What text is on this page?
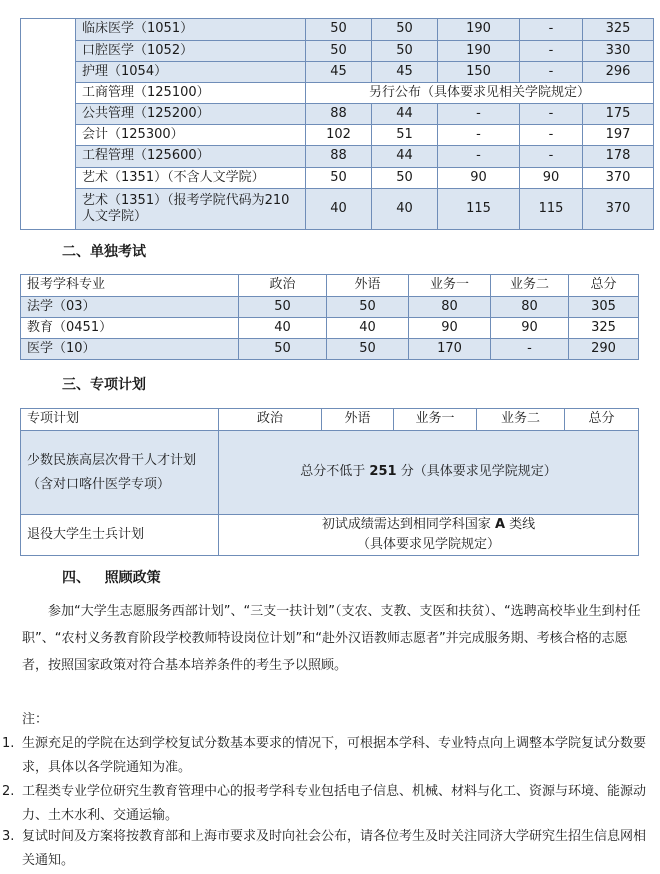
	临床医学（1051）	50	50	190	-	325
	口腔医学（1052）	50	50	190	-	330
	护理（1054）	45	45	150	-	296
	工商管理（125100）	另行公布（具体要求见相关学院规定）				
	公共管理（125200）	88	44	-	-	175
	会计（125300）	102	51	-	-	197
	工程管理（125600）	88	44	-	-	178
	艺术（1351）（不含人文学院）	50	50	90	90	370
	艺术（1351）（报考学院代码为210人文学院）	40	40	115	115	370
二、单独考试
报考学科专业	政治	外语	业务一	业务二	总分
法学（03）	50	50	80	80	305
教育（0451）	40	40	90	90	325
医学（10）	50	50	170	-	290
三、专项计划
专项计划	政治	外语	业务一	业务二	总分
少数民族高层次骨干人才计划（含对口喀什医学专项）	总分不低于 251 分（具体要求见学院规定）				
退役大学生士兵计划	初试成绩需达到相同学科国家 A 类线
（具体要求见学院规定）				
四、   照顾政策
参加“大学生志愿服务西部计划”、“三支一扶计划”（支农、支教、支医和扶贫）、“选聘高校毕业生到村任职”、“农村义务教育阶段学校教师特设岗位计划”和“赴外汉语教师志愿者”并完成服务期、考核合格的志愿者，按照国家政策对符合基本培养条件的考生予以照顾。
注：
1. 生源充足的学院在达到学校复试分数基本要求的情况下，可根据本学科、专业特点向上调整本学院复试分数要求，具体以各学院通知为准。
2. 工程类专业学位研究生教育管理中心的报考学科专业包括电子信息、机械、材料与化工、资源与环境、能源动力、土木水利、交通运输。
3. 复试时间及方案将按教育部和上海市要求及时向社会公布，请各位考生及时关注同济大学研究生招生信息网相关通知。
